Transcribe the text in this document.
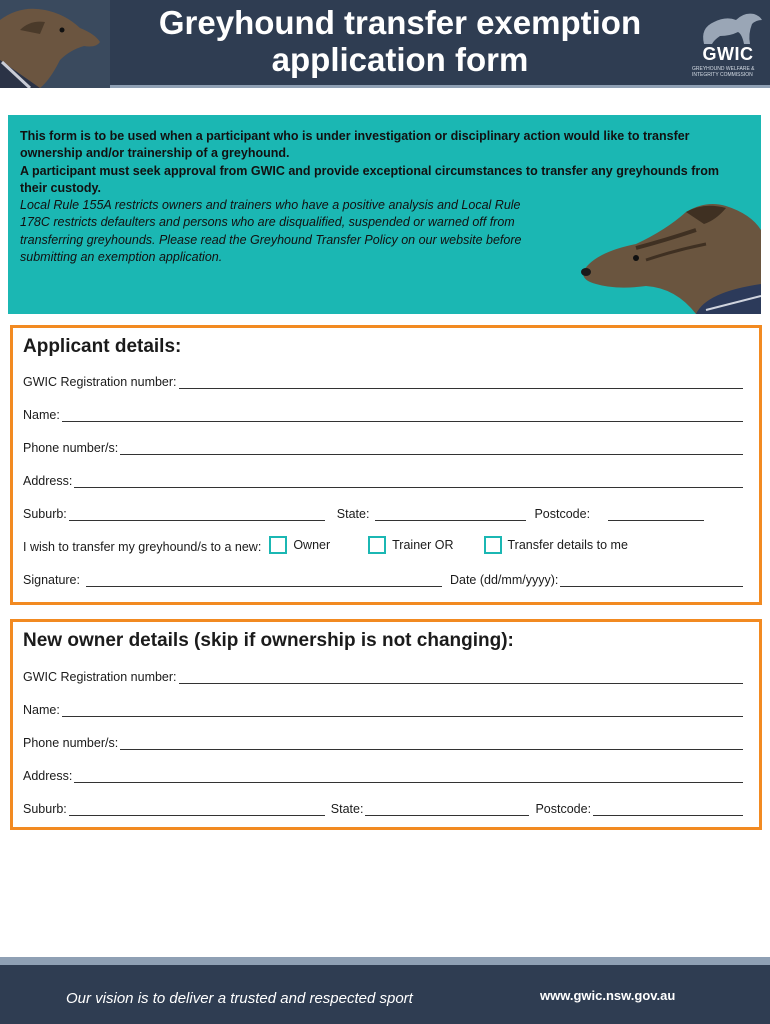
Greyhound transfer exemption
application form	GWIC
GREYHOUND WELFARE & INTEGRITY COMMISSION

This form is to be used when a participant who is under investigation or disciplinary action would like to transfer ownership and/or trainership of a greyhound.

A participant must seek approval from GWIC and provide exceptional circumstances to transfer any greyhounds from their custody.

Local Rule 155A restricts owners and trainers who have a positive analysis and Local Rule 178C restricts defaulters and persons who are disqualified, suspended or warned off from transferring greyhounds. Please read the Greyhound Transfer Policy on our website before submitting an exemption application.

Applicant details:
GWIC Registration number:
Name:
Phone number/s:
Address:
Suburb:	State:	Postcode:
I wish to transfer my greyhound/s to a new:	Owner	Trainer OR	Transfer details to me
Signature:	Date (dd/mm/yyyy):
New owner details (skip if ownership is not changing):
GWIC Registration number:
Name:
Phone number/s:
Address:
Suburb:	State:	Postcode:
Our vision is to deliver a trusted and respected sport	www.gwic.nsw.gov.au
